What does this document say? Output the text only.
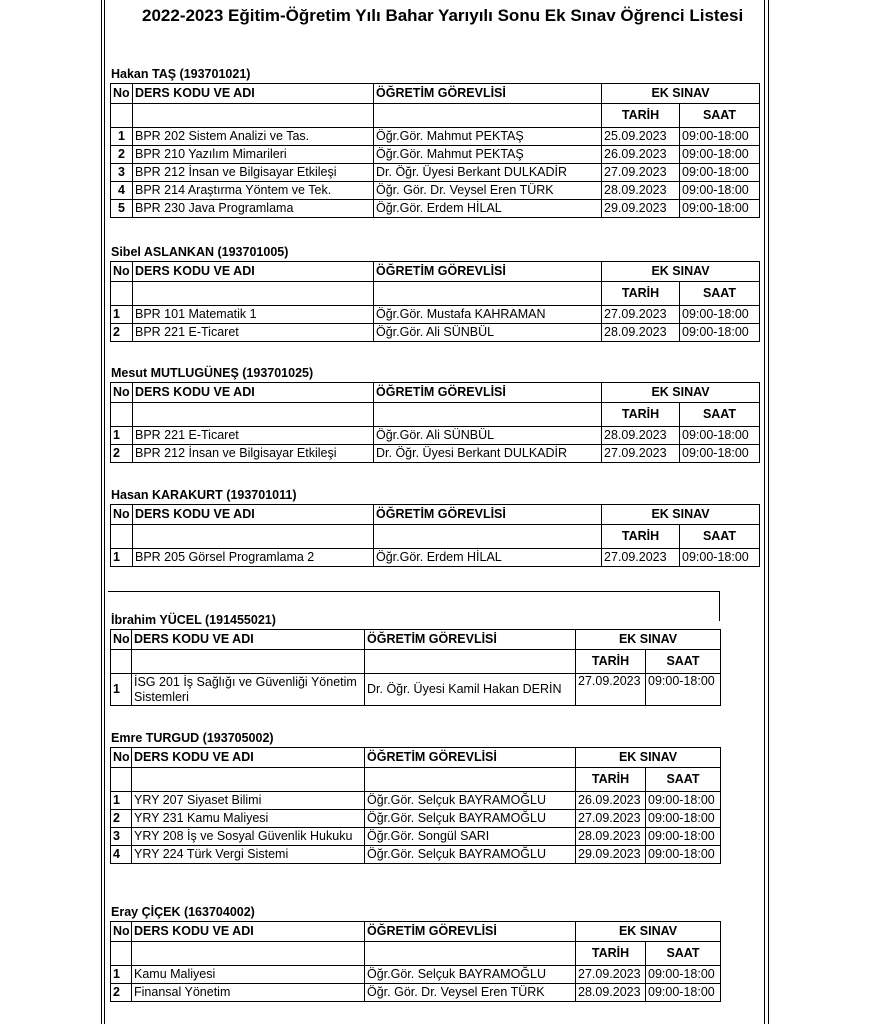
2022-2023 Eğitim-Öğretim Yılı Bahar Yarıyılı Sonu Ek Sınav Öğrenci Listesi
Hakan TAŞ (193701021)
No	DERS KODU VE ADI	ÖĞRETİM GÖREVLİSİ	EK SINAV	
			TARİH	SAAT
1	BPR 202 Sistem Analizi ve Tas.	Öğr.Gör. Mahmut PEKTAŞ	25.09.2023	09:00-18:00
2	BPR 210 Yazılım Mimarileri	Öğr.Gör. Mahmut PEKTAŞ	26.09.2023	09:00-18:00
3	BPR 212 İnsan ve Bilgisayar Etkileşi	Dr. Öğr. Üyesi Berkant DULKADİR	27.09.2023	09:00-18:00
4	BPR 214 Araştırma Yöntem ve Tek.	Öğr. Gör. Dr. Veysel Eren TÜRK	28.09.2023	09:00-18:00
5	BPR 230 Java Programlama	Öğr.Gör. Erdem HİLAL	29.09.2023	09:00-18:00
Sibel ASLANKAN (193701005)
No	DERS KODU VE ADI	ÖĞRETİM GÖREVLİSİ	EK SINAV	
			TARİH	SAAT
1	BPR 101 Matematik 1	Öğr.Gör. Mustafa KAHRAMAN	27.09.2023	09:00-18:00
2	BPR 221 E-Ticaret	Öğr.Gör. Ali SÜNBÜL	28.09.2023	09:00-18:00
Mesut MUTLUGÜNEŞ (193701025)
No	DERS KODU VE ADI	ÖĞRETİM GÖREVLİSİ	EK SINAV	
			TARİH	SAAT
1	BPR 221 E-Ticaret	Öğr.Gör. Ali SÜNBÜL	28.09.2023	09:00-18:00
2	BPR 212 İnsan ve Bilgisayar Etkileşi	Dr. Öğr. Üyesi Berkant DULKADİR	27.09.2023	09:00-18:00
Hasan KARAKURT (193701011)
No	DERS KODU VE ADI	ÖĞRETİM GÖREVLİSİ	EK SINAV	
			TARİH	SAAT
1	BPR 205 Görsel Programlama 2	Öğr.Gör. Erdem HİLAL	27.09.2023	09:00-18:00
İbrahim YÜCEL (191455021)
No	DERS KODU VE ADI	ÖĞRETİM GÖREVLİSİ	EK SINAV	
			TARİH	SAAT
1	İSG 201 İş Sağlığı ve Güvenliği Yönetim Sistemleri	Dr. Öğr. Üyesi Kamil Hakan DERİN	27.09.2023	09:00-18:00
Emre TURGUD (193705002)
No	DERS KODU VE ADI	ÖĞRETİM GÖREVLİSİ	EK SINAV	
			TARİH	SAAT
1	YRY 207 Siyaset Bilimi	Öğr.Gör. Selçuk BAYRAMOĞLU	26.09.2023	09:00-18:00
2	YRY 231 Kamu Maliyesi	Öğr.Gör. Selçuk BAYRAMOĞLU	27.09.2023	09:00-18:00
3	YRY 208 İş ve Sosyal Güvenlik Hukuku	Öğr.Gör. Songül SARI	28.09.2023	09:00-18:00
4	YRY 224 Türk Vergi Sistemi	Öğr.Gör. Selçuk BAYRAMOĞLU	29.09.2023	09:00-18:00
Eray ÇİÇEK (163704002)
No	DERS KODU VE ADI	ÖĞRETİM GÖREVLİSİ	EK SINAV	
			TARİH	SAAT
1	Kamu Maliyesi	Öğr.Gör. Selçuk BAYRAMOĞLU	27.09.2023	09:00-18:00
2	Finansal Yönetim	Öğr. Gör. Dr. Veysel Eren TÜRK	28.09.2023	09:00-18:00
